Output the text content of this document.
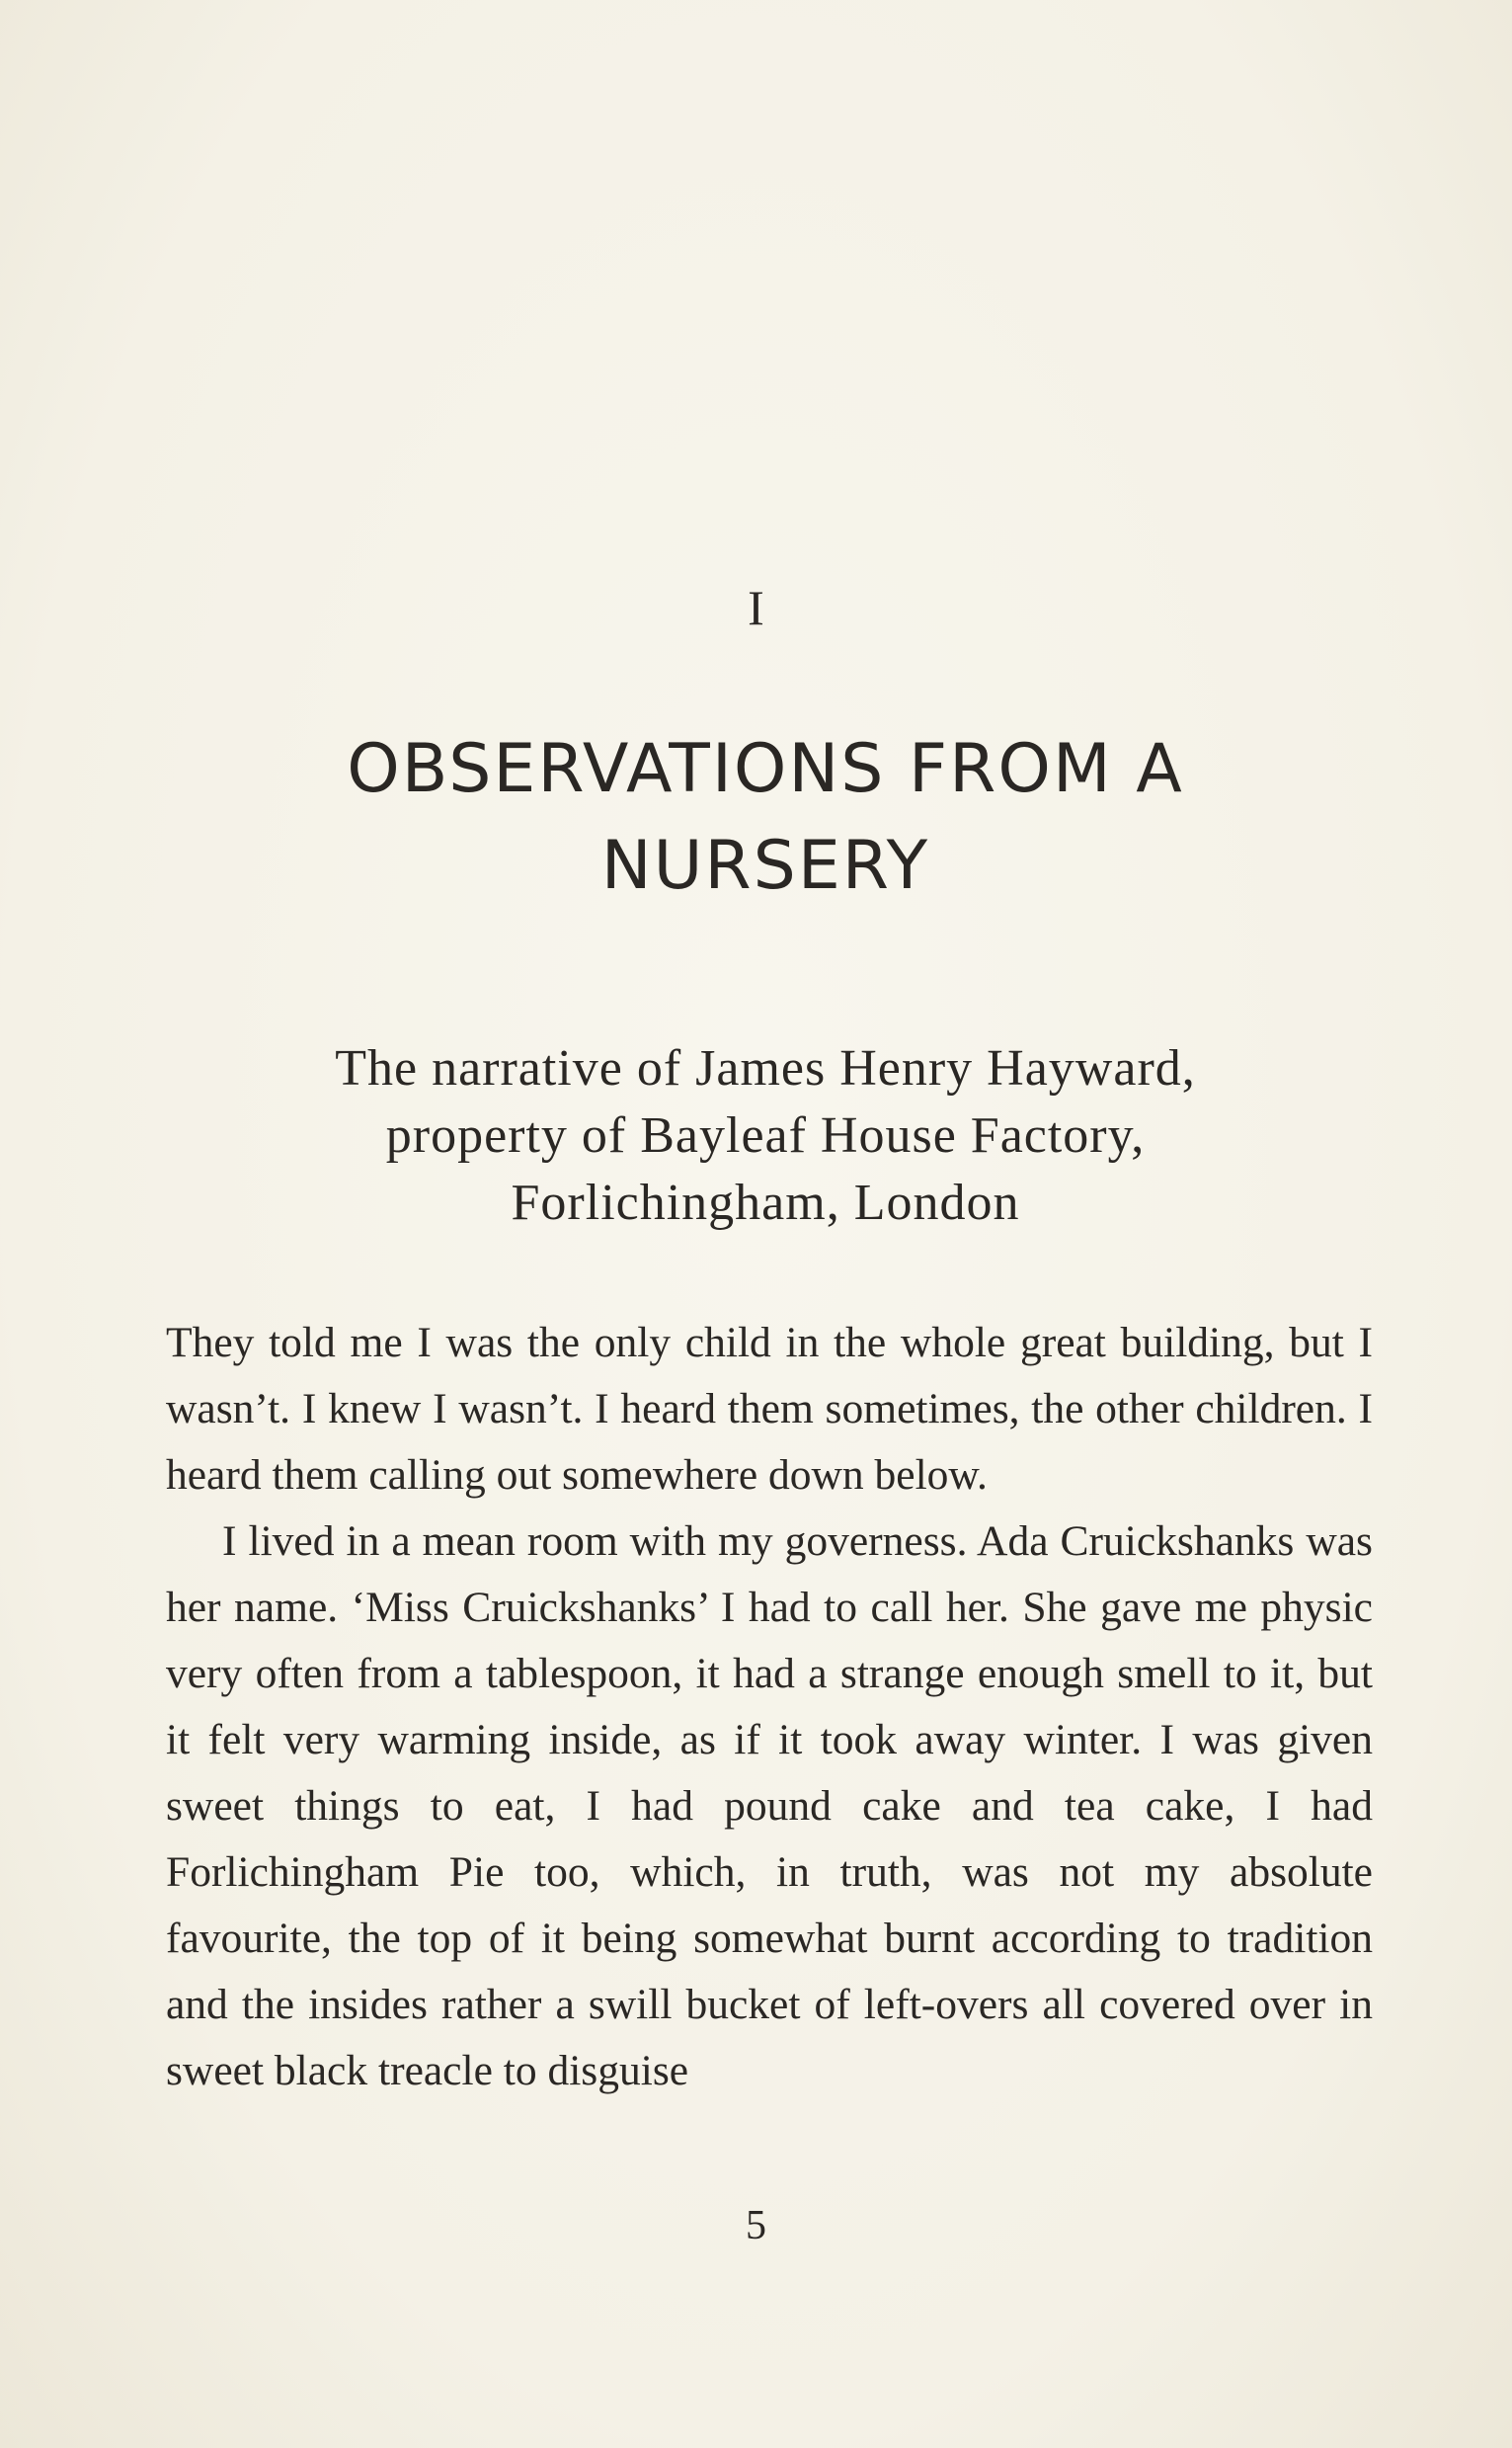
I
OBSERVATIONS FROM A
NURSERY
The narrative of James Henry Hayward,
property of Bayleaf House Factory,
Forlichingham, London

They told me I was the only child in the whole great building, but I wasn’t. I knew I wasn’t. I heard them sometimes, the other children. I heard them calling out somewhere down below.

I lived in a mean room with my governess. Ada Cruickshanks was her name. ‘Miss Cruickshanks’ I had to call her. She gave me physic very often from a tablespoon, it had a strange enough smell to it, but it felt very warming inside, as if it took away winter. I was given sweet things to eat, I had pound cake and tea cake, I had Forlichingham Pie too, which, in truth, was not my absolute favourite, the top of it being somewhat burnt according to tradition and the insides rather a swill bucket of left-overs all covered over in sweet black treacle to disguise

5
